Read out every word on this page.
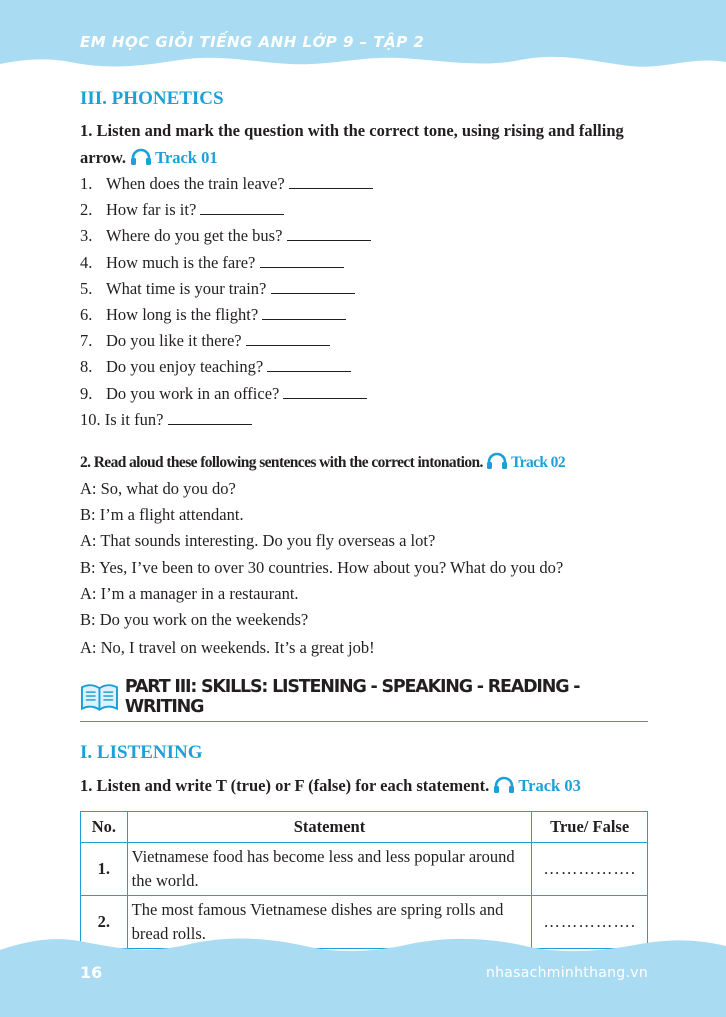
EM HỌC GIỎI TIẾNG ANH LỚP 9 – TẬP 2
III. PHONETICS

1. Listen and mark the question with the correct tone, using rising and falling arrow. Track 01

1. When does the train leave?
2. How far is it?
3. Where do you get the bus?
4. How much is the fare?
5. What time is your train?
6. How long is the flight?
7. Do you like it there?
8. Do you enjoy teaching?
9. Do you work in an office?
10. Is it fun?

2. Read aloud these following sentences with the correct intonation. Track 02

A: So, what do you do?
B: I’m a flight attendant.
A: That sounds interesting. Do you fly overseas a lot?
B: Yes, I’ve been to over 30 countries. How about you? What do you do?
A: I’m a manager in a restaurant.
B: Do you work on the weekends?
A: No, I travel on weekends. It’s a great job!
PART III: SKILLS: LISTENING - SPEAKING - READING - WRITING
I. LISTENING

1. Listen and write T (true) or F (false) for each statement. Track 03

No.	Statement	True/ False
1.	Vietnamese food has become less and less popular around the world.	…………….
2.	The most famous Vietnamese dishes are spring rolls and bread rolls.	…………….
16	nhasachminhthang.vn
